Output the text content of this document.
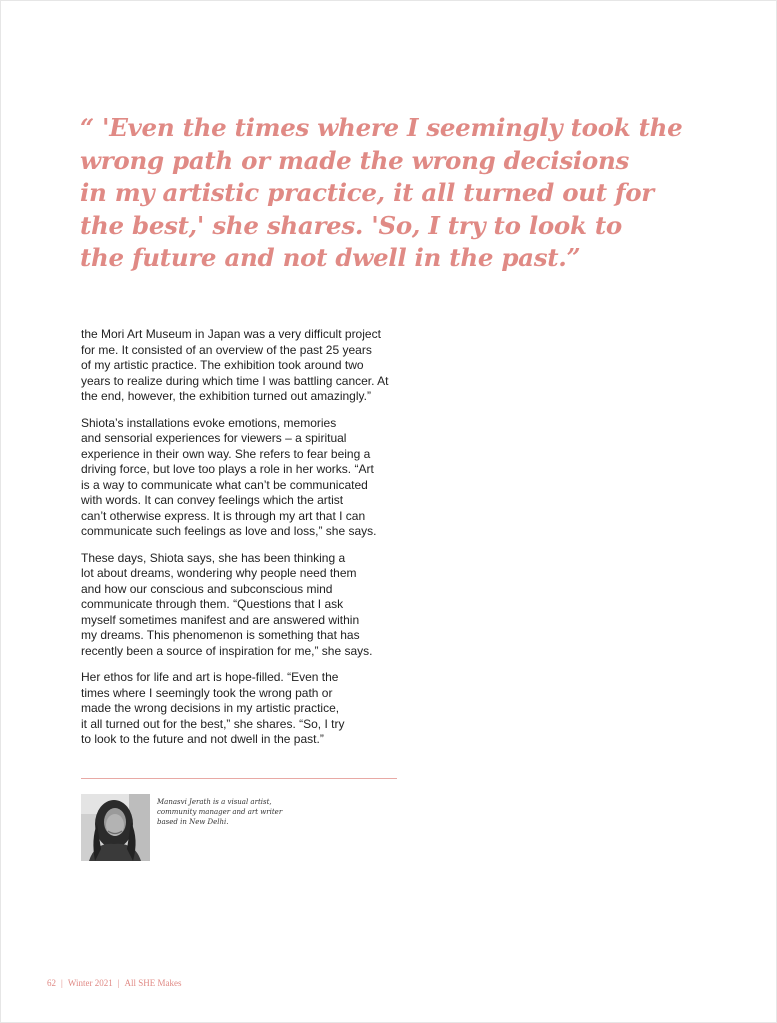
“ 'Even the times where I seemingly took the
wrong path or made the wrong decisions
in my artistic practice, it all turned out for
the best,' she shares. 'So, I try to look to
the future and not dwell in the past.”

the Mori Art Museum in Japan was a very difficult project
for me. It consisted of an overview of the past 25 years
of my artistic practice. The exhibition took around two
years to realize during which time I was battling cancer. At
the end, however, the exhibition turned out amazingly.”

Shiota’s installations evoke emotions, memories
and sensorial experiences for viewers – a spiritual
experience in their own way. She refers to fear being a
driving force, but love too plays a role in her works. “Art
is a way to communicate what can’t be communicated
with words. It can convey feelings which the artist
can’t otherwise express. It is through my art that I can
communicate such feelings as love and loss,” she says.

These days, Shiota says, she has been thinking a
lot about dreams, wondering why people need them
and how our conscious and subconscious mind
communicate through them. “Questions that I ask
myself sometimes manifest and are answered within
my dreams. This phenomenon is something that has
recently been a source of inspiration for me,” she says.

Her ethos for life and art is hope-filled. “Even the
times where I seemingly took the wrong path or
made the wrong decisions in my artistic practice,
it all turned out for the best,” she shares. “So, I try
to look to the future and not dwell in the past.”

Manasvi Jerath is a visual artist,
community manager and art writer
based in New Delhi.
62 | Winter 2021 | All SHE Makes
